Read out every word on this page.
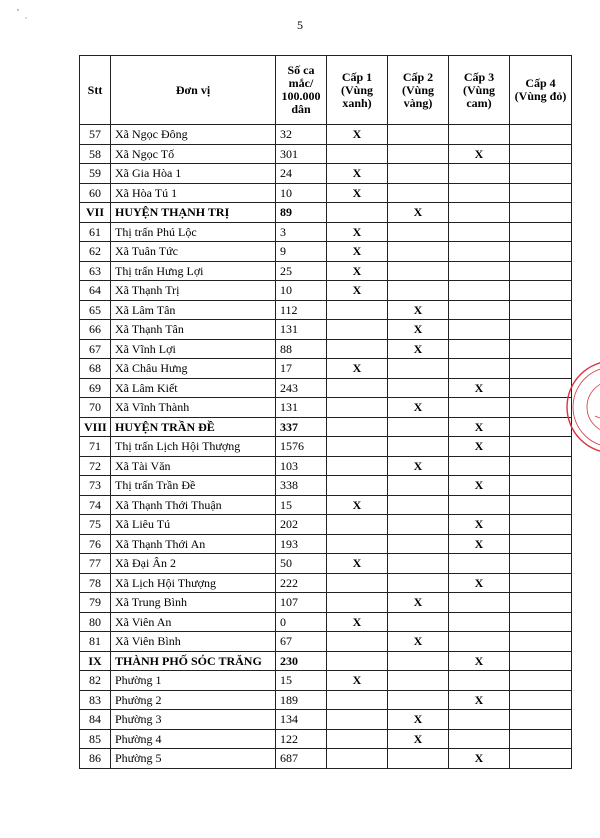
5
Stt	Đơn vị	Số ca mắc/ 100.000 dân	Cấp 1 (Vùng xanh)	Cấp 2 (Vùng vàng)	Cấp 3 (Vùng cam)	Cấp 4 (Vùng đỏ)
57	Xã Ngọc Đông	32	X			
58	Xã Ngọc Tố	301			X	
59	Xã Gia Hòa 1	24	X			
60	Xã Hòa Tú 1	10	X			
VII	HUYỆN THẠNH TRỊ	89		X		
61	Thị trấn Phú Lộc	3	X			
62	Xã Tuân Tức	9	X			
63	Thị trấn Hưng Lợi	25	X			
64	Xã Thạnh Trị	10	X			
65	Xã Lâm Tân	112		X		
66	Xã Thạnh Tân	131		X		
67	Xã Vĩnh Lợi	88		X		
68	Xã Châu Hưng	17	X			
69	Xã Lâm Kiết	243			X	
70	Xã Vĩnh Thành	131		X		
VIII	HUYỆN TRẦN ĐỀ	337			X	
71	Thị trấn Lịch Hội Thượng	1576			X	
72	Xã Tài Văn	103		X		
73	Thị trấn Trần Đề	338			X	
74	Xã Thạnh Thới Thuận	15	X			
75	Xã Liêu Tú	202			X	
76	Xã Thạnh Thới An	193			X	
77	Xã Đại Ân 2	50	X			
78	Xã Lịch Hội Thượng	222			X	
79	Xã Trung Bình	107		X		
80	Xã Viên An	0	X			
81	Xã Viên Bình	67		X		
IX	THÀNH PHỐ SÓC TRĂNG	230			X	
82	Phường 1	15	X			
83	Phường 2	189			X	
84	Phường 3	134		X		
85	Phường 4	122		X		
86	Phường 5	687			X	
